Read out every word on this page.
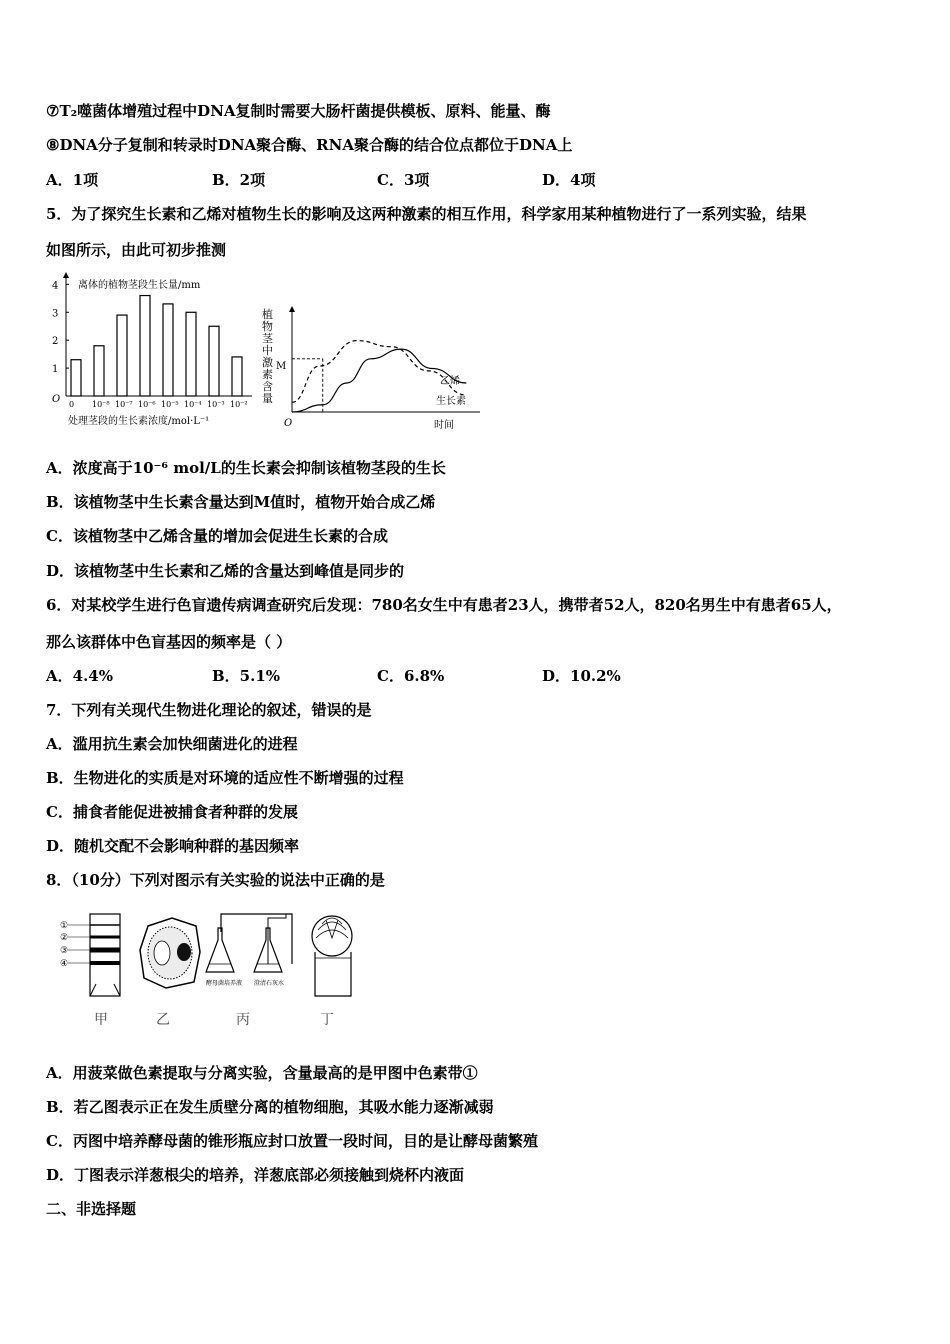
⑦T₂噬菌体增殖过程中DNA复制时需要大肠杆菌提供模板、原料、能量、酶
⑧DNA分子复制和转录时DNA聚合酶、RNA聚合酶的结合位点都位于DNA上
A．1项	B．2项	C．3项	D．4项
5．为了探究生长素和乙烯对植物生长的影响及这两种激素的相互作用，科学家用某种植物进行了一系列实验，结果
如图所示，由此可初步推测
离体的植物茎段生长量/mm
O
处理茎段的生长素浓度/mol·L⁻¹
1
2
3
4
0 10⁻⁸ 10⁻⁷ 10⁻⁶ 10⁻⁵ 10⁻⁴ 10⁻³ 10⁻²
植
物
茎
中
激
素
含
量
O	时间
M
乙烯
生长素
A．浓度高于10⁻⁶ mol/L的生长素会抑制该植物茎段的生长
B．该植物茎中生长素含量达到M值时，植物开始合成乙烯
C．该植物茎中乙烯含量的增加会促进生长素的合成
D．该植物茎中生长素和乙烯的含量达到峰值是同步的
6．对某校学生进行色盲遗传病调查研究后发现：780名女生中有患者23人，携带者52人，820名男生中有患者65人，
那么该群体中色盲基因的频率是（ ）
A．4.4%	B．5.1%	C．6.8%	D．10.2%
7．下列有关现代生物进化理论的叙述，错误的是
A．滥用抗生素会加快细菌进化的进程
B．生物进化的实质是对环境的适应性不断增强的过程
C．捕食者能促进被捕食者种群的发展
D．随机交配不会影响种群的基因频率
8．（10分）下列对图示有关实验的说法中正确的是
①
②
③
④
酵母菌培养液 澄清石灰水
甲	乙	丙	丁
A．用菠菜做色素提取与分离实验，含量最高的是甲图中色素带①
B．若乙图表示正在发生质壁分离的植物细胞，其吸水能力逐渐减弱
C．丙图中培养酵母菌的锥形瓶应封口放置一段时间，目的是让酵母菌繁殖
D．丁图表示洋葱根尖的培养，洋葱底部必须接触到烧杯内液面
二、非选择题
